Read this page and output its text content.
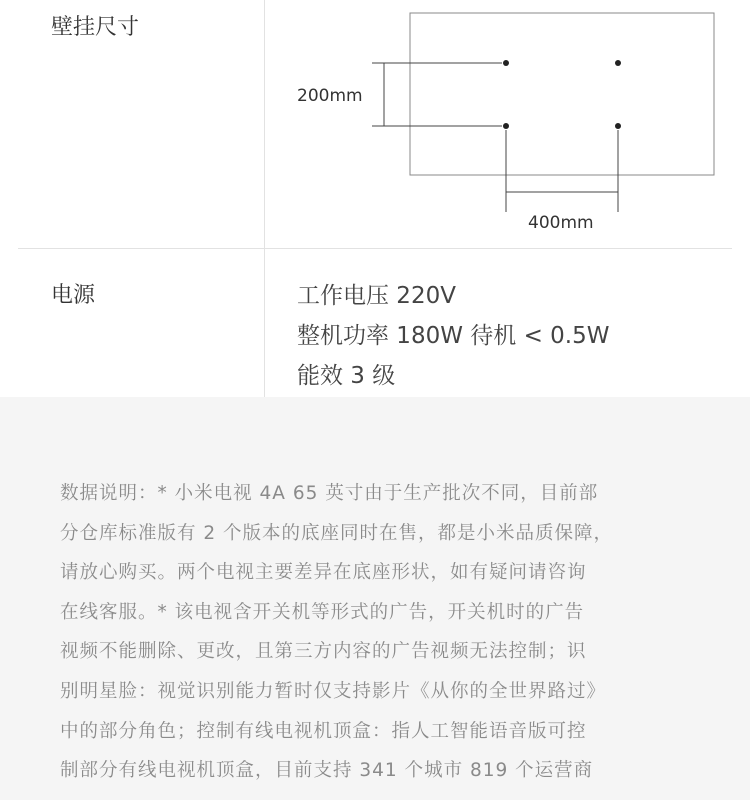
壁挂尺寸
200mm
400mm
电源	工作电压 220V
整机功率 180W 待机 < 0.5W
能效 3 级
数据说明：* 小米电视 4A 65 英寸由于生产批次不同，目前部
分仓库标准版有 2 个版本的底座同时在售，都是小米品质保障，
请放心购买。两个电视主要差异在底座形状，如有疑问请咨询
在线客服。* 该电视含开关机等形式的广告，开关机时的广告
视频不能删除、更改，且第三方内容的广告视频无法控制；识
别明星脸：视觉识别能力暂时仅支持影片《从你的全世界路过》
中的部分角色；控制有线电视机顶盒：指人工智能语音版可控
制部分有线电视机顶盒，目前支持 341 个城市 819 个运营商
